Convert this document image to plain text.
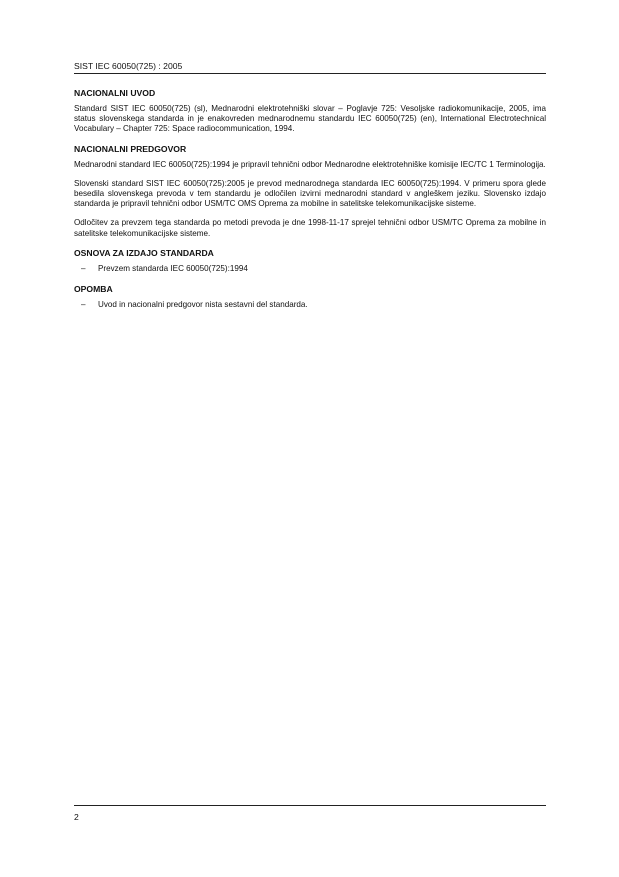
SIST IEC 60050(725) : 2005
NACIONALNI UVOD

Standard SIST IEC 60050(725) (sl), Mednarodni elektrotehniški slovar – Poglavje 725: Vesoljske radiokomunikacije, 2005, ima status slovenskega standarda in je enakovreden mednarodnemu standardu IEC 60050(725) (en), International Electrotechnical Vocabulary – Chapter 725: Space radiocommunication, 1994.

NACIONALNI PREDGOVOR

Mednarodni standard IEC 60050(725):1994 je pripravil tehnični odbor Mednarodne elektrotehniške komisije IEC/TC 1 Terminologija.

Slovenski standard SIST IEC 60050(725):2005 je prevod mednarodnega standarda IEC 60050(725):1994. V primeru spora glede besedila slovenskega prevoda v tem standardu je odločilen izvirni mednarodni standard v angleškem jeziku. Slovensko izdajo standarda je pripravil tehnični odbor USM/TC OMS Oprema za mobilne in satelitske telekomunikacijske sisteme.

Odločitev za prevzem tega standarda po metodi prevoda je dne 1998-11-17 sprejel tehnični odbor USM/TC Oprema za mobilne in satelitske telekomunikacijske sisteme.

OSNOVA ZA IZDAJO STANDARDA
– Prevzem standarda IEC 60050(725):1994
OPOMBA
– Uvod in nacionalni predgovor nista sestavni del standarda.
2
